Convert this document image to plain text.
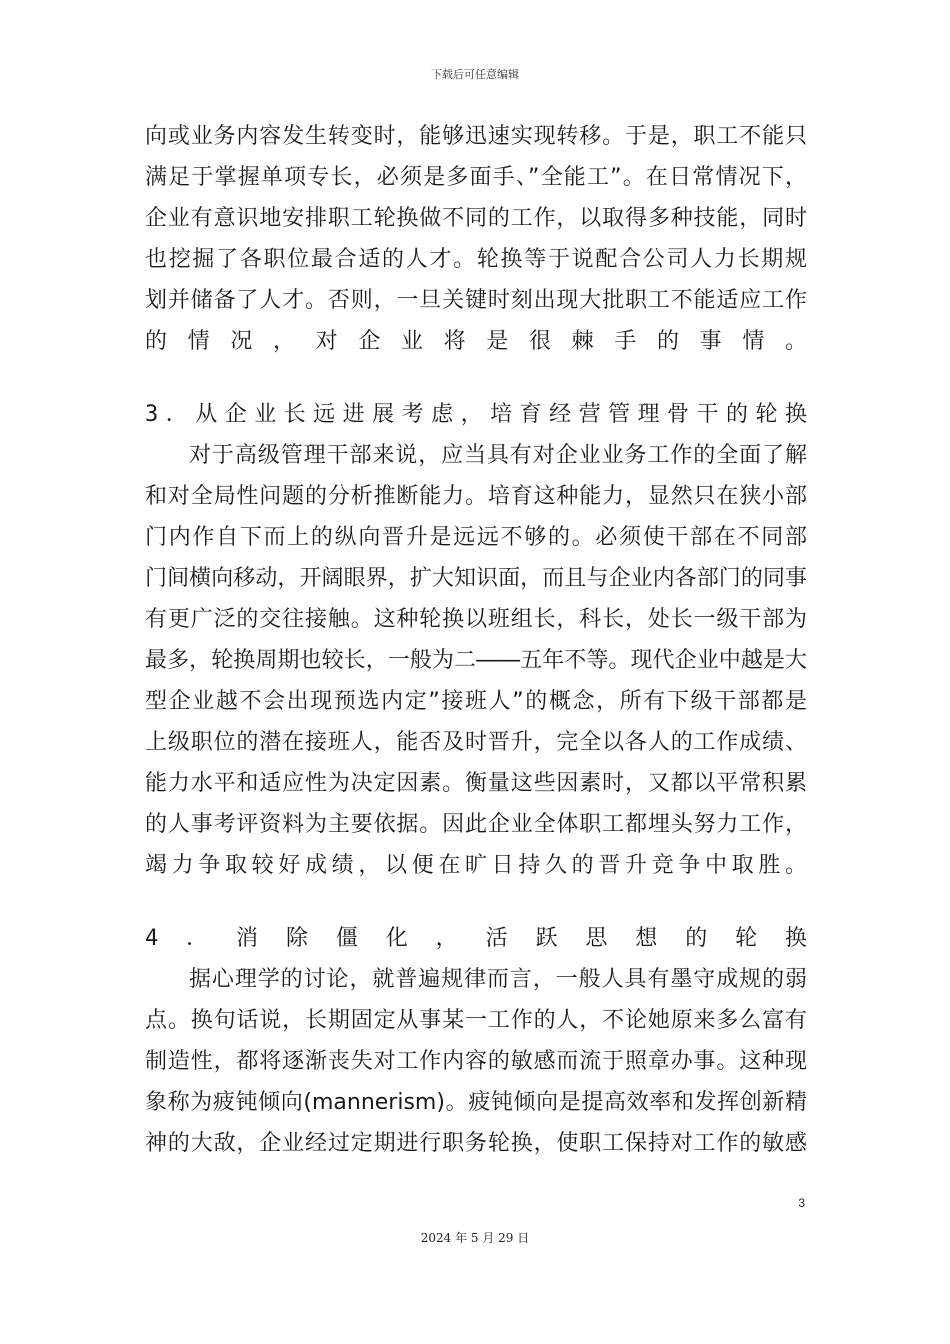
下载后可任意编辑
向或业务内容发生转变时，能够迅速实现转移。于是，职工不能只
满足于掌握单项专长，必须是多面手、”全能工”。在日常情况下，
企业有意识地安排职工轮换做不同的工作，以取得多种技能，同时
也挖掘了各职位最合适的人才。轮换等于说配合公司人力长期规
划并储备了人才。否则，一旦关键时刻出现大批职工不能适应工作
的情况，对企业将是很棘手的事情。
3．从企业长远进展考虑，培育经营管理骨干的轮换
对于高级管理干部来说，应当具有对企业业务工作的全面了解
和对全局性问题的分析推断能力。培育这种能力，显然只在狭小部
门内作自下而上的纵向晋升是远远不够的。必须使干部在不同部
门间横向移动，开阔眼界，扩大知识面，而且与企业内各部门的同事
有更广泛的交往接触。这种轮换以班组长，科长，处长一级干部为
最多，轮换周期也较长，一般为二――五年不等。现代企业中越是大
型企业越不会出现预选内定”接班人”的概念，所有下级干部都是
上级职位的潜在接班人，能否及时晋升，完全以各人的工作成绩、
能力水平和适应性为决定因素。衡量这些因素时，又都以平常积累
的人事考评资料为主要依据。因此企业全体职工都埋头努力工作，
竭力争取较好成绩，以便在旷日持久的晋升竞争中取胜。
4．消除僵化，活跃思想的轮换
据心理学的讨论，就普遍规律而言，一般人具有墨守成规的弱
点。换句话说，长期固定从事某一工作的人，不论她原来多么富有
制造性，都将逐渐丧失对工作内容的敏感而流于照章办事。这种现
象称为疲钝倾向(mannerism)。疲钝倾向是提高效率和发挥创新精
神的大敌，企业经过定期进行职务轮换，使职工保持对工作的敏感
3
2024 年 5 月 29 日
